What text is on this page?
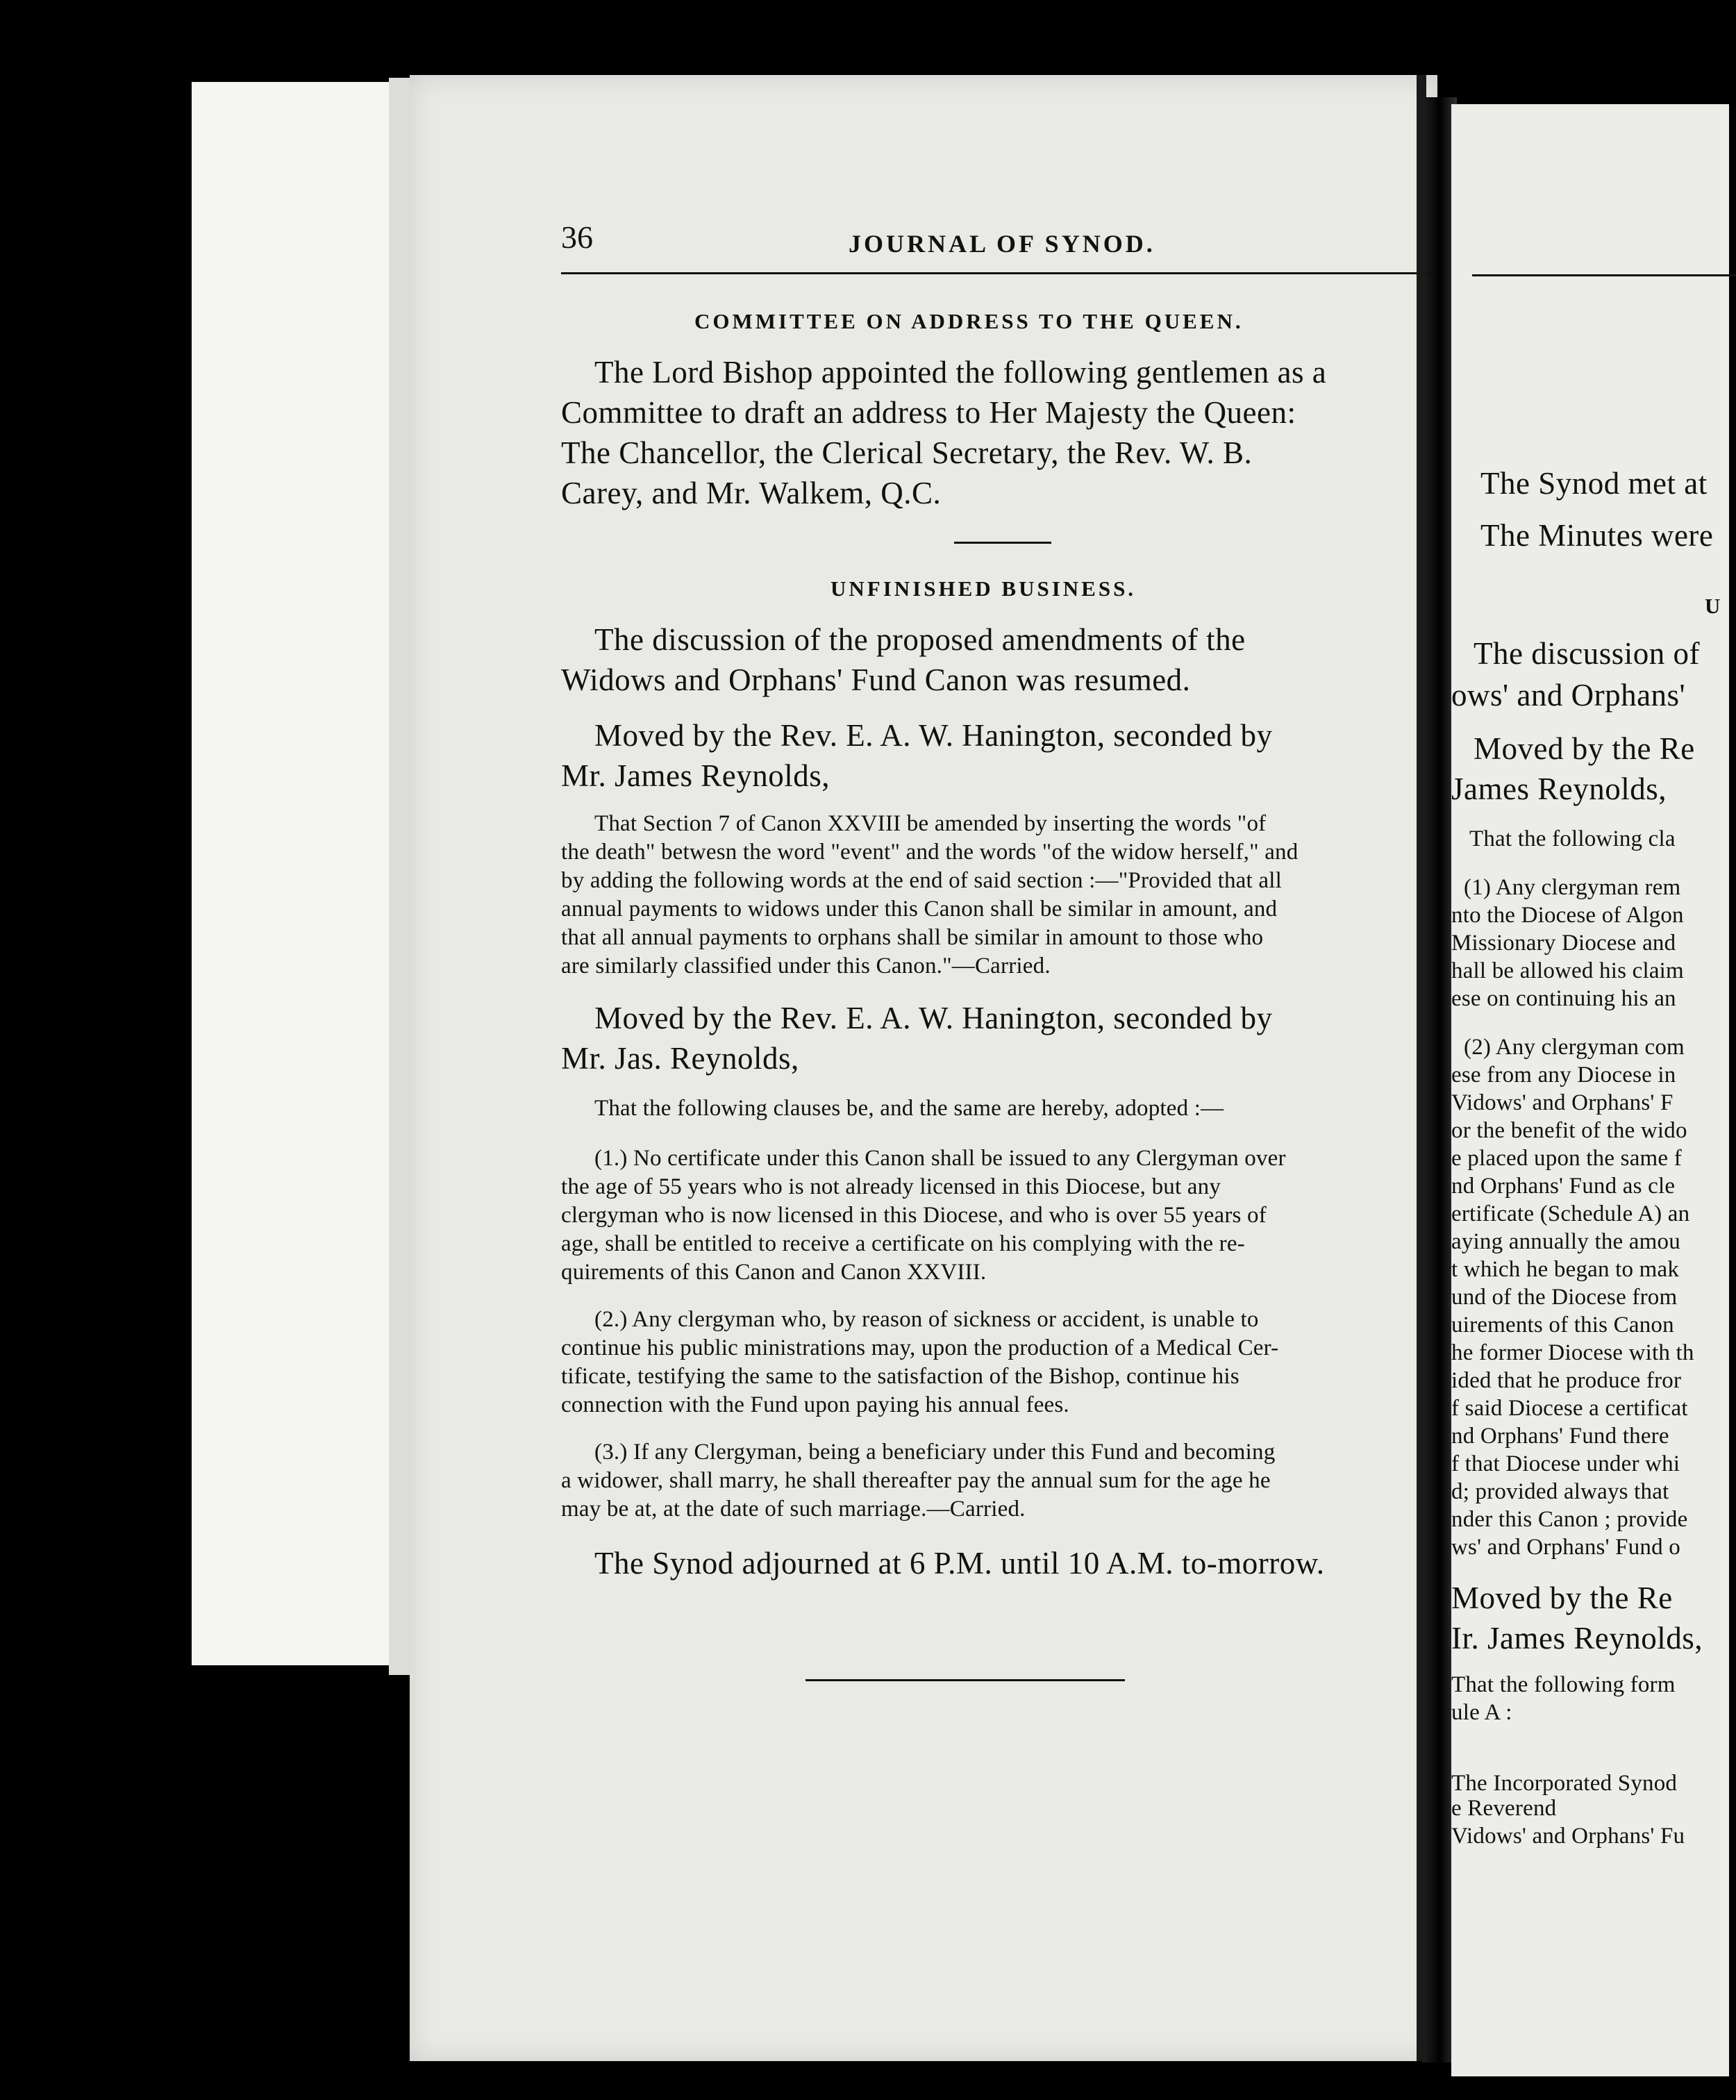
36	JOURNAL OF SYNOD.
COMMITTEE ON ADDRESS TO THE QUEEN.
The Lord Bishop appointed the following gentlemen as a
Committee to draft an address to Her Majesty the Queen:
The Chancellor, the Clerical Secretary, the Rev. W. B.
Carey, and Mr. Walkem, Q.C.
UNFINISHED BUSINESS.
The discussion of the proposed amendments of the
Widows and Orphans' Fund Canon was resumed.
Moved by the Rev. E. A. W. Hanington, seconded by
Mr. James Reynolds,
That Section 7 of Canon XXVIII be amended by inserting the words "of
the death" betwesn the word "event" and the words "of the widow herself," and
by adding the following words at the end of said section :—"Provided that all
annual payments to widows under this Canon shall be similar in amount, and
that all annual payments to orphans shall be similar in amount to those who
are similarly classified under this Canon."—Carried.
Moved by the Rev. E. A. W. Hanington, seconded by
Mr. Jas. Reynolds,
That the following clauses be, and the same are hereby, adopted :—
(1.) No certificate under this Canon shall be issued to any Clergyman over
the age of 55 years who is not already licensed in this Diocese, but any
clergyman who is now licensed in this Diocese, and who is over 55 years of
age, shall be entitled to receive a certificate on his complying with the re-
quirements of this Canon and Canon XXVIII.
(2.) Any clergyman who, by reason of sickness or accident, is unable to
continue his public ministrations may, upon the production of a Medical Cer-
tificate, testifying the same to the satisfaction of the Bishop, continue his
connection with the Fund upon paying his annual fees.
(3.) If any Clergyman, being a beneficiary under this Fund and becoming
a widower, shall marry, he shall thereafter pay the annual sum for the age he
may be at, at the date of such marriage.—Carried.
The Synod adjourned at 6 P.M. until 10 A.M. to-morrow.
The Synod met at
The Minutes were
U
The discussion of
ows' and Orphans'
Moved by the Re
James Reynolds,
That the following cla
(1) Any clergyman rem
nto the Diocese of Algon
Missionary Diocese and
hall be allowed his claim
ese on continuing his an
(2) Any clergyman com
ese from any Diocese in
Vidows' and Orphans' F
or the benefit of the wido
e placed upon the same f
nd Orphans' Fund as cle
ertificate (Schedule A) an
aying annually the amou
t which he began to mak
und of the Diocese from
uirements of this Canon
he former Diocese with th
ided that he produce fror
f said Diocese a certificat
nd Orphans' Fund there
f that Diocese under whi
d; provided always that
nder this Canon ; provide
ws' and Orphans' Fund o
Moved by the Re
Ir. James Reynolds,
That the following form
ule A :
The Incorporated Synod
e Reverend
Vidows' and Orphans' Fu
